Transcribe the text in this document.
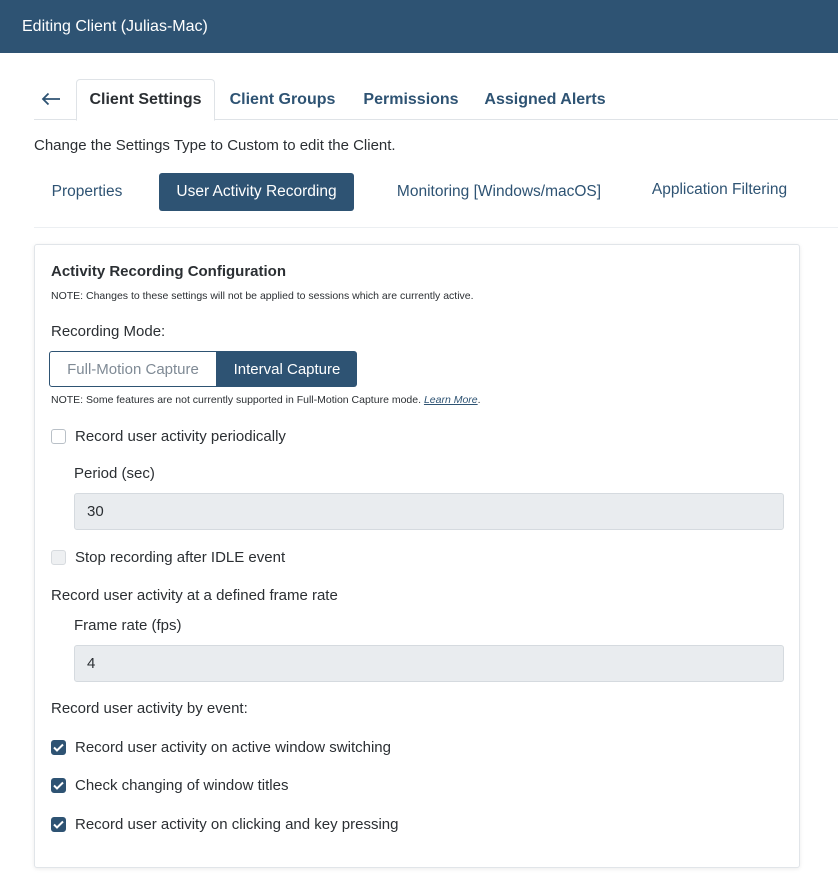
Editing Client (Julias-Mac)
Client Settings Client Groups Permissions Assigned Alerts
Change the Settings Type to Custom to edit the Client.
Properties	User Activity Recording	Monitoring [Windows/macOS]	Application Filtering
Activity Recording Configuration
NOTE: Changes to these settings will not be applied to sessions which are currently active.
Recording Mode:
Full-Motion Capture	Interval Capture
NOTE: Some features are not currently supported in Full-Motion Capture mode. Learn More.
Record user activity periodically
Period (sec)
30
Stop recording after IDLE event
Record user activity at a defined frame rate
Frame rate (fps)
4
Record user activity by event:
Record user activity on active window switching
Check changing of window titles
Record user activity on clicking and key pressing
